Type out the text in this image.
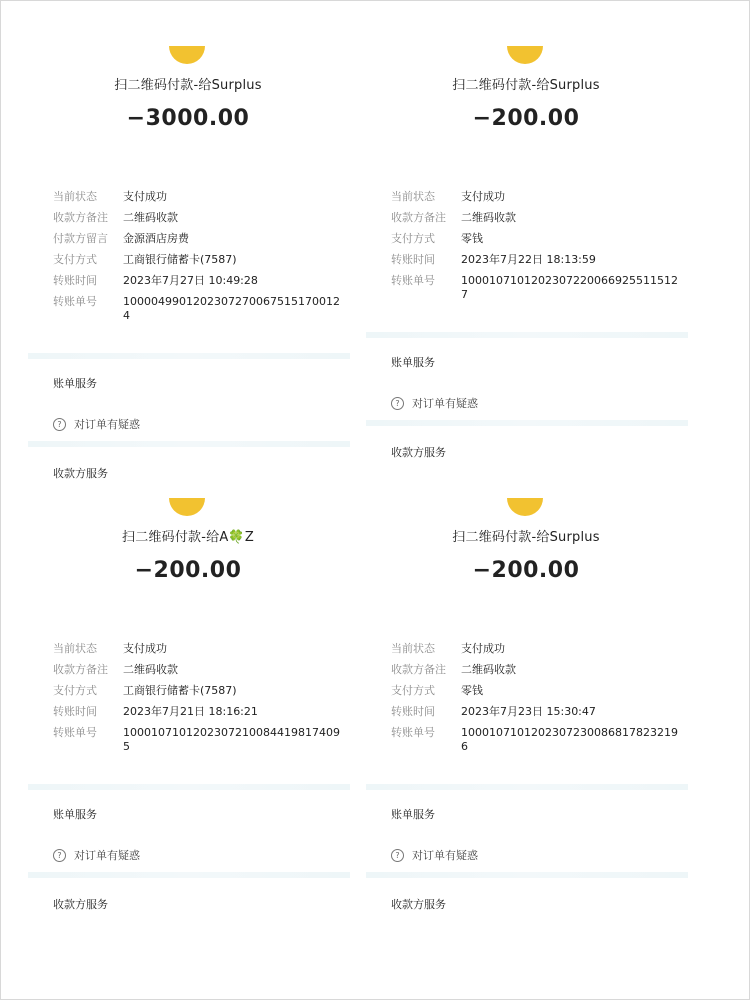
扫二维码付款-给Surplus
−3000.00
当前状态	支付成功
收款方备注	二维码收款
付款方留言	金源酒店房费
支付方式	工商银行储蓄卡(7587)
转账时间	2023年7月27日 10:49:28
转账单号	10000499012023072700675151700124
账单服务
?	对订单有疑惑
收款方服务
扫二维码付款-给Surplus
−200.00
当前状态	支付成功
收款方备注	二维码收款
支付方式	零钱
转账时间	2023年7月22日 18:13:59
转账单号	10001071012023072200669255115127
账单服务
?	对订单有疑惑
收款方服务
扫二维码付款-给A🍀Z
−200.00
当前状态	支付成功
收款方备注	二维码收款
支付方式	工商银行储蓄卡(7587)
转账时间	2023年7月21日 18:16:21
转账单号	10001071012023072100844198174095
账单服务
?	对订单有疑惑
收款方服务
扫二维码付款-给Surplus
−200.00
当前状态	支付成功
收款方备注	二维码收款
支付方式	零钱
转账时间	2023年7月23日 15:30:47
转账单号	10001071012023072300868178232196
账单服务
?	对订单有疑惑
收款方服务
